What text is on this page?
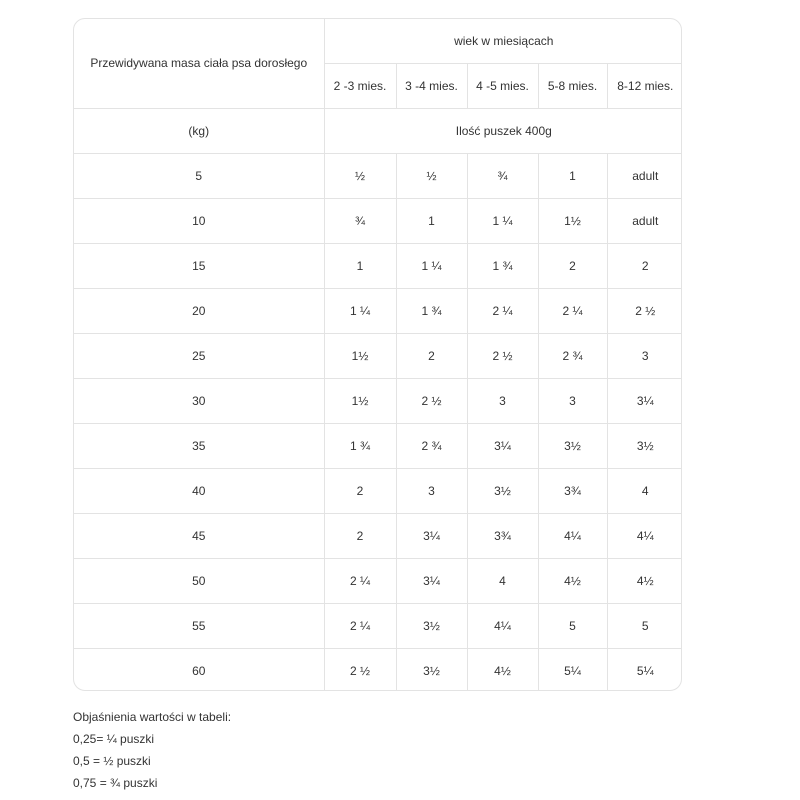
Przewidywana masa ciała psa dorosłego	wiek w miesiącach				
	2 -3 mies.	3 -4 mies.	4 -5 mies.	5-8 mies.	8-12 mies.
(kg)	Ilość puszek 400g				
5	½	½	¾	1	adult
10	¾	1	1 ¼	1½	adult
15	1	1 ¼	1 ¾	2	2
20	1 ¼	1 ¾	2 ¼	2 ¼	2 ½
25	1½	2	2 ½	2 ¾	3
30	1½	2 ½	3	3	3¼
35	1 ¾	2 ¾	3¼	3½	3½
40	2	3	3½	3¾	4
45	2	3¼	3¾	4¼	4¼
50	2 ¼	3¼	4	4½	4½
55	2 ¼	3½	4¼	5	5
60	2 ½	3½	4½	5¼	5¼

Objaśnienia wartości w tabeli:

0,25= ¼ puszki

0,5 = ½ puszki

0,75 = ¾ puszki
